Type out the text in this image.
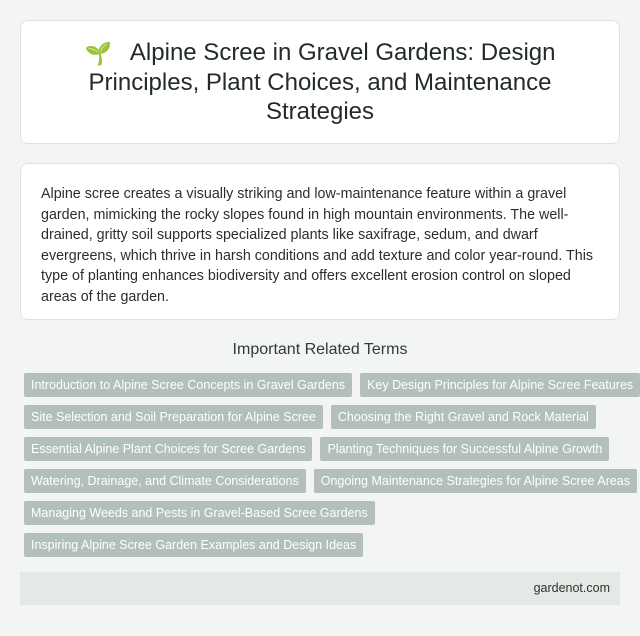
🌱 Alpine Scree in Gravel Gardens: Design Principles, Plant Choices, and Maintenance Strategies

Alpine scree creates a visually striking and low-maintenance feature within a gravel garden, mimicking the rocky slopes found in high mountain environments. The well-drained, gritty soil supports specialized plants like saxifrage, sedum, and dwarf evergreens, which thrive in harsh conditions and add texture and color year-round. This type of planting enhances biodiversity and offers excellent erosion control on sloped areas of the garden.

Important Related Terms
Introduction to Alpine Scree Concepts in Gravel Gardens	Key Design Principles for Alpine Scree Features
Site Selection and Soil Preparation for Alpine Scree	Choosing the Right Gravel and Rock Material
Essential Alpine Plant Choices for Scree Gardens	Planting Techniques for Successful Alpine Growth
Watering, Drainage, and Climate Considerations	Ongoing Maintenance Strategies for Alpine Scree Areas
Managing Weeds and Pests in Gravel-Based Scree Gardens
Inspiring Alpine Scree Garden Examples and Design Ideas
gardenot.com
